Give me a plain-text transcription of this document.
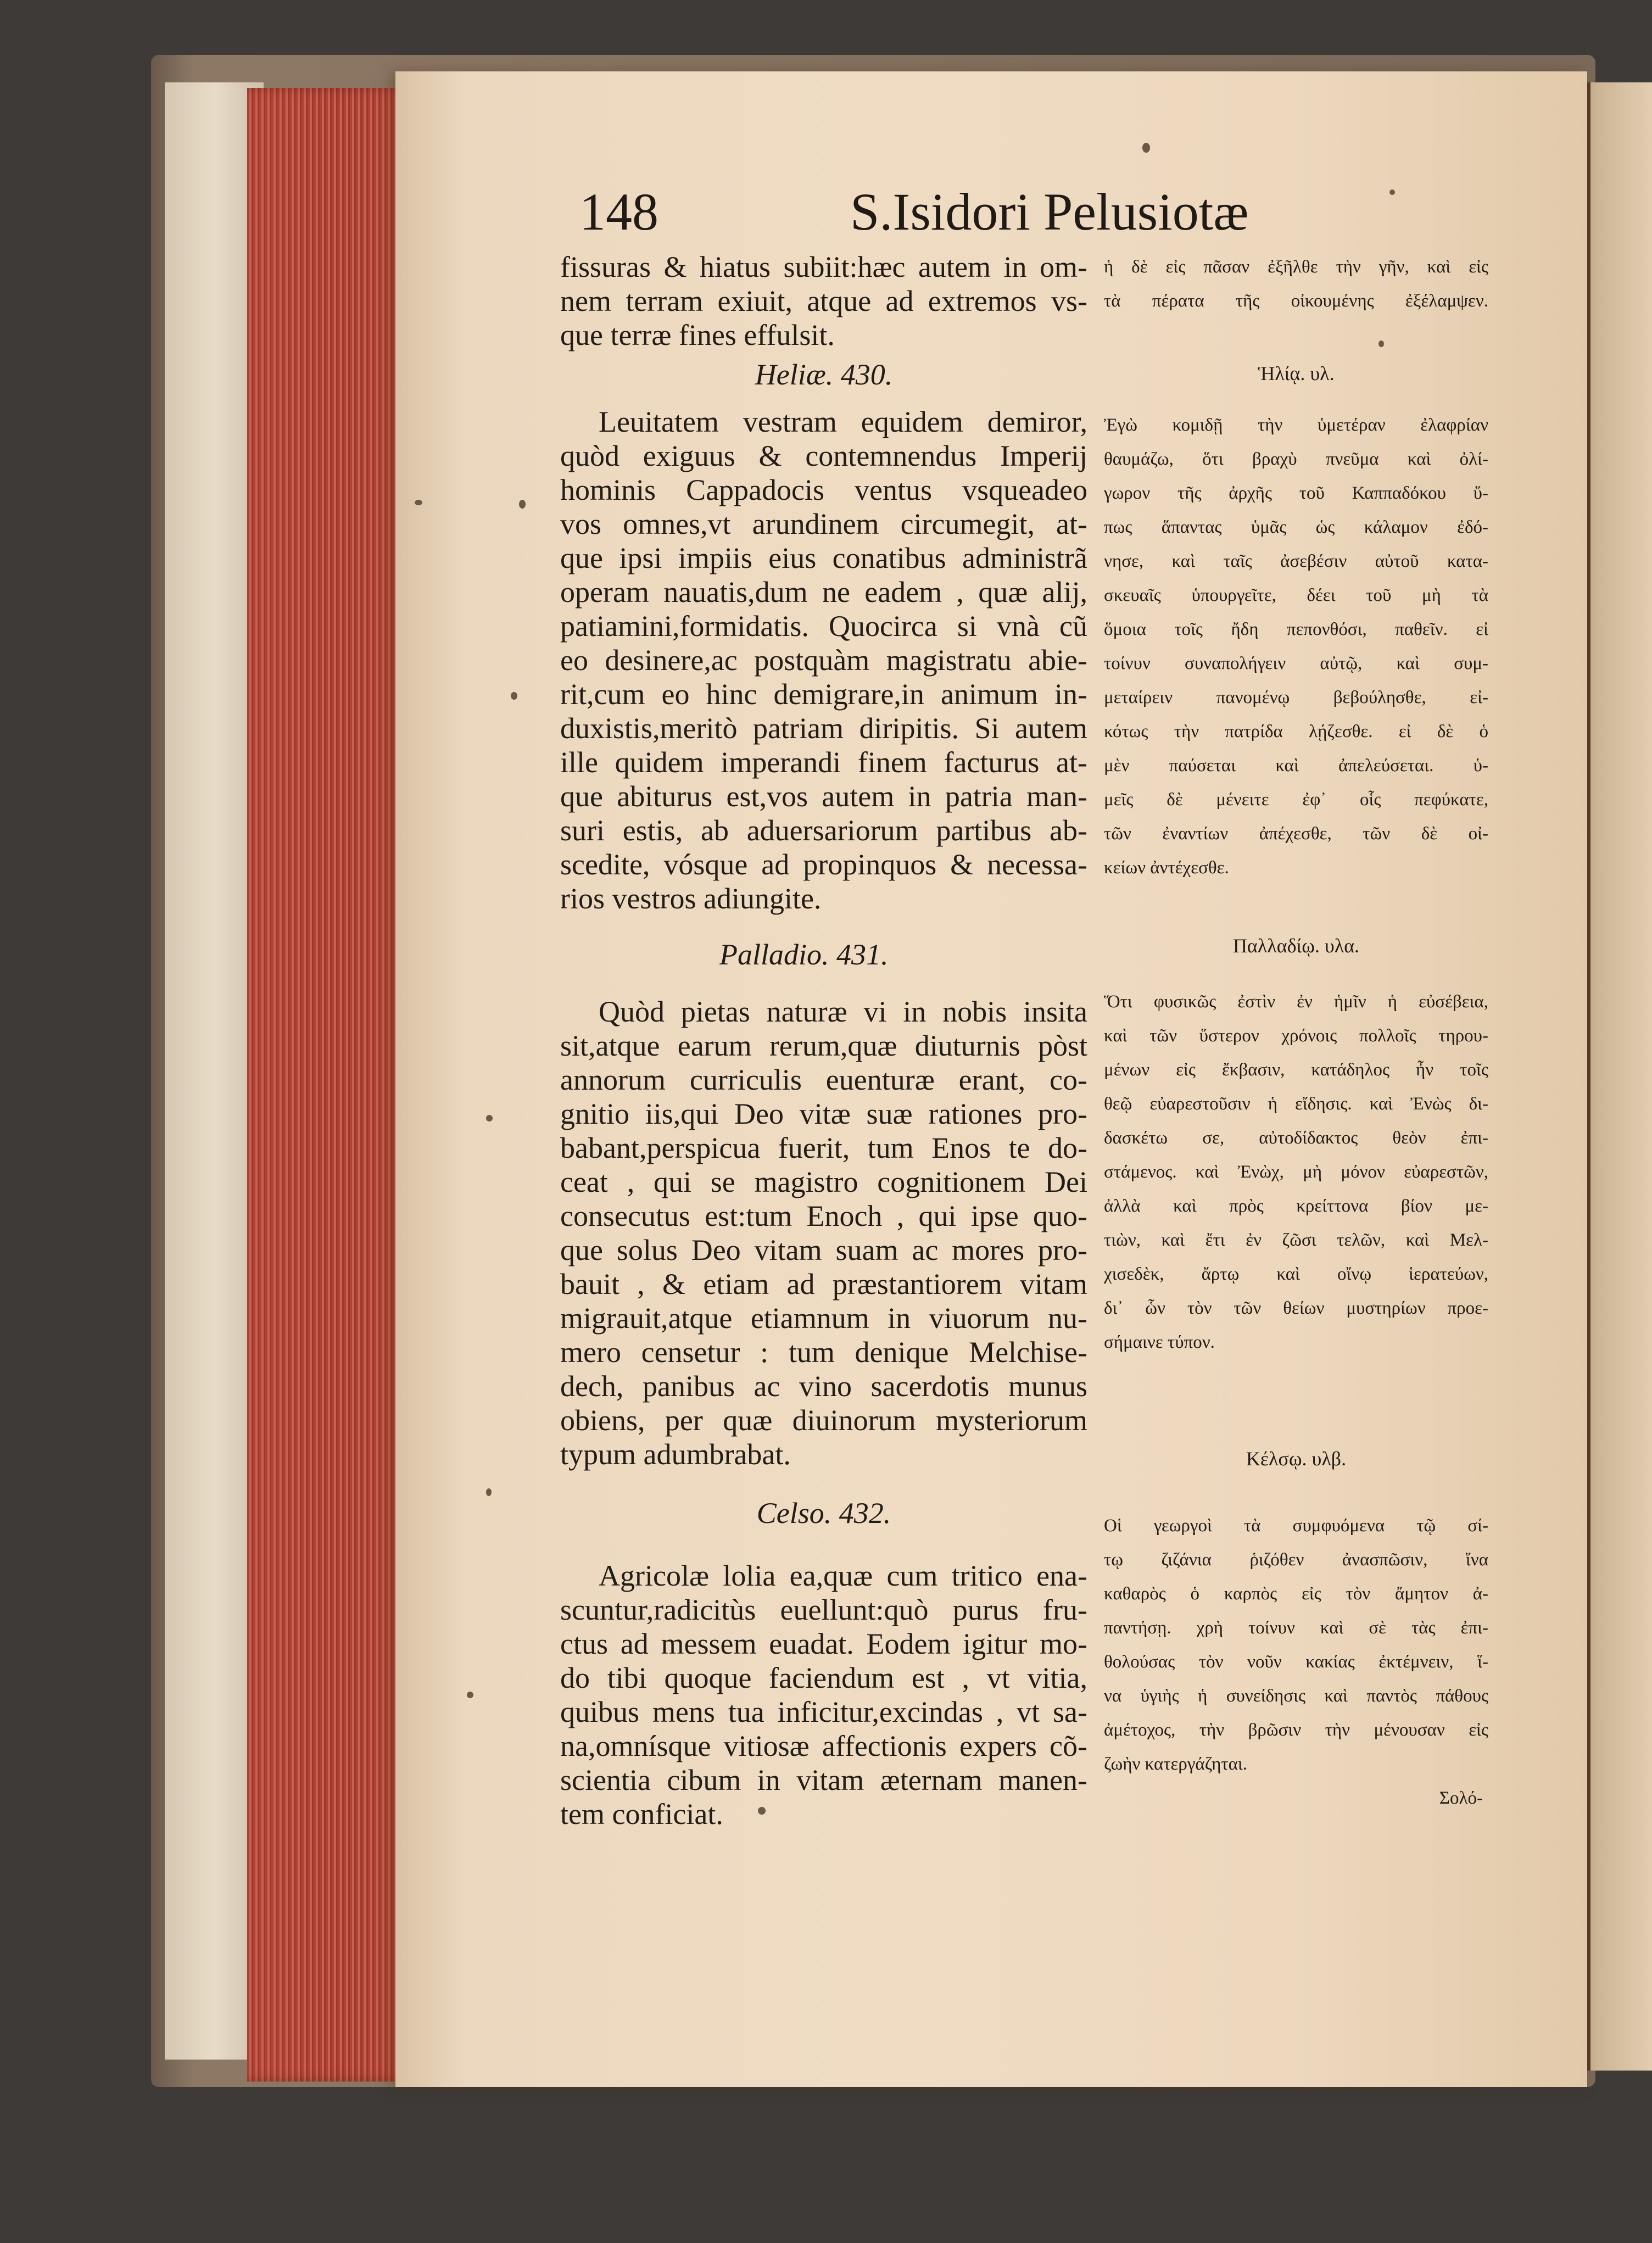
148	S.Isidori Pelusiotæ
fissuras & hiatus subiit:hæc autem in om-
nem terram exiuit, atque ad extremos vs-
que terræ fines effulsit.
Heliæ. 430.
Leuitatem vestram equidem demiror,
quòd exiguus & contemnendus Imperij
hominis Cappadocis ventus vsqueadeo
vos omnes,vt arundinem circumegit, at-
que ipsi impiis eius conatibus administrã
operam nauatis,dum ne eadem , quæ alij,
patiamini,formidatis. Quocirca si vnà cũ
eo desinere,ac postquàm magistratu abie-
rit,cum eo hinc demigrare,in animum in-
duxistis,meritò patriam diripitis. Si autem
ille quidem imperandi finem facturus at-
que abiturus est,vos autem in patria man-
suri estis, ab aduersariorum partibus ab-
scedite, vósque ad propinquos & necessa-
rios vestros adiungite.
Palladio. 431.
Quòd pietas naturæ vi in nobis insita
sit,atque earum rerum,quæ diuturnis pòst
annorum curriculis euenturæ erant, co-
gnitio iis,qui Deo vitæ suæ rationes pro-
babant,perspicua fuerit, tum Enos te do-
ceat , qui se magistro cognitionem Dei
consecutus est:tum Enoch , qui ipse quo-
que solus Deo vitam suam ac mores pro-
bauit , & etiam ad præstantiorem vitam
migrauit,atque etiamnum in viuorum nu-
mero censetur : tum denique Melchise-
dech, panibus ac vino sacerdotis munus
obiens, per quæ diuinorum mysteriorum
typum adumbrabat.
Celso. 432.
Agricolæ lolia ea,quæ cum tritico ena-
scuntur,radicitùs euellunt:quò purus fru-
ctus ad messem euadat. Eodem igitur mo-
do tibi quoque faciendum est , vt vitia,
quibus mens tua inficitur,excindas , vt sa-
na,omnísque vitiosæ affectionis expers cõ-
scientia cibum in vitam æternam manen-
tem conficiat.
ἡ δὲ εἰς πᾶσαν ἐξῆλθε τὴν γῆν, καὶ εἰς
τὰ πέρατα τῆς οἰκουμένης ἐξέλαμψεν.
Ἡλίᾳ. υλ.
Ἐγὼ κομιδῇ τὴν ὑμετέραν ἐλαφρίαν
θαυμάζω, ὅτι βραχὺ πνεῦμα καὶ ὀλί-
γωρον τῆς ἀρχῆς τοῦ Καππαδόκου ὕ-
πως ἅπαντας ὑμᾶς ὡς κάλαμον ἐδό-
νησε, καὶ ταῖς ἀσεβέσιν αὐτοῦ κατα-
σκευαῖς ὑπουργεῖτε, δέει τοῦ μὴ τὰ
ὅμοια τοῖς ἤδη πεπονθόσι, παθεῖν. εἰ
τοίνυν συναπολήγειν αὐτῷ, καὶ συμ-
μεταίρειν πανομένῳ βεβούλησθε, εἰ-
κότως τὴν πατρίδα λῄζεσθε. εἰ δὲ ὁ
μὲν παύσεται καὶ ἀπελεύσεται. ὑ-
μεῖς δὲ μένειτε ἐφ᾽ οἷς πεφύκατε,
τῶν ἐναντίων ἀπέχεσθε, τῶν δὲ οἰ-
κείων ἀντέχεσθε.
Παλλαδίῳ. υλα.
Ὅτι φυσικῶς ἐστὶν ἐν ἡμῖν ἡ εὐσέβεια,
καὶ τῶν ὕστερον χρόνοις πολλοῖς τηρου-
μένων εἰς ἔκβασιν, κατάδηλος ἦν τοῖς
θεῷ εὐαρεστοῦσιν ἡ εἴδησις. καὶ Ἐνὼς δι-
δασκέτω σε, αὐτοδίδακτος θεὸν ἐπι-
στάμενος. καὶ Ἐνὼχ, μὴ μόνον εὐαρεστῶν,
ἀλλὰ καὶ πρὸς κρείττονα βίον με-
τιὼν, καὶ ἔτι ἐν ζῶσι τελῶν, καὶ Μελ-
χισεδὲκ, ἄρτῳ καὶ οἴνῳ ἱερατεύων,
δι᾽ ὧν τὸν τῶν θείων μυστηρίων προε-
σήμαινε τύπον.
Κέλσῳ. υλβ.
Οἱ γεωργοὶ τὰ συμφυόμενα τῷ σί-
τῳ ζιζάνια ῥιζόθεν ἀνασπῶσιν, ἵνα
καθαρὸς ὁ καρπὸς εἰς τὸν ἄμητον ἀ-
παντήσῃ. χρὴ τοίνυν καὶ σὲ τὰς ἐπι-
θολούσας τὸν νοῦν κακίας ἐκτέμνειν, ἵ-
να ὑγιὴς ἡ συνείδησις καὶ παντὸς πάθους
ἀμέτοχος, τὴν βρῶσιν τὴν μένουσαν εἰς
ζωὴν κατεργάζηται.
Σολό-
